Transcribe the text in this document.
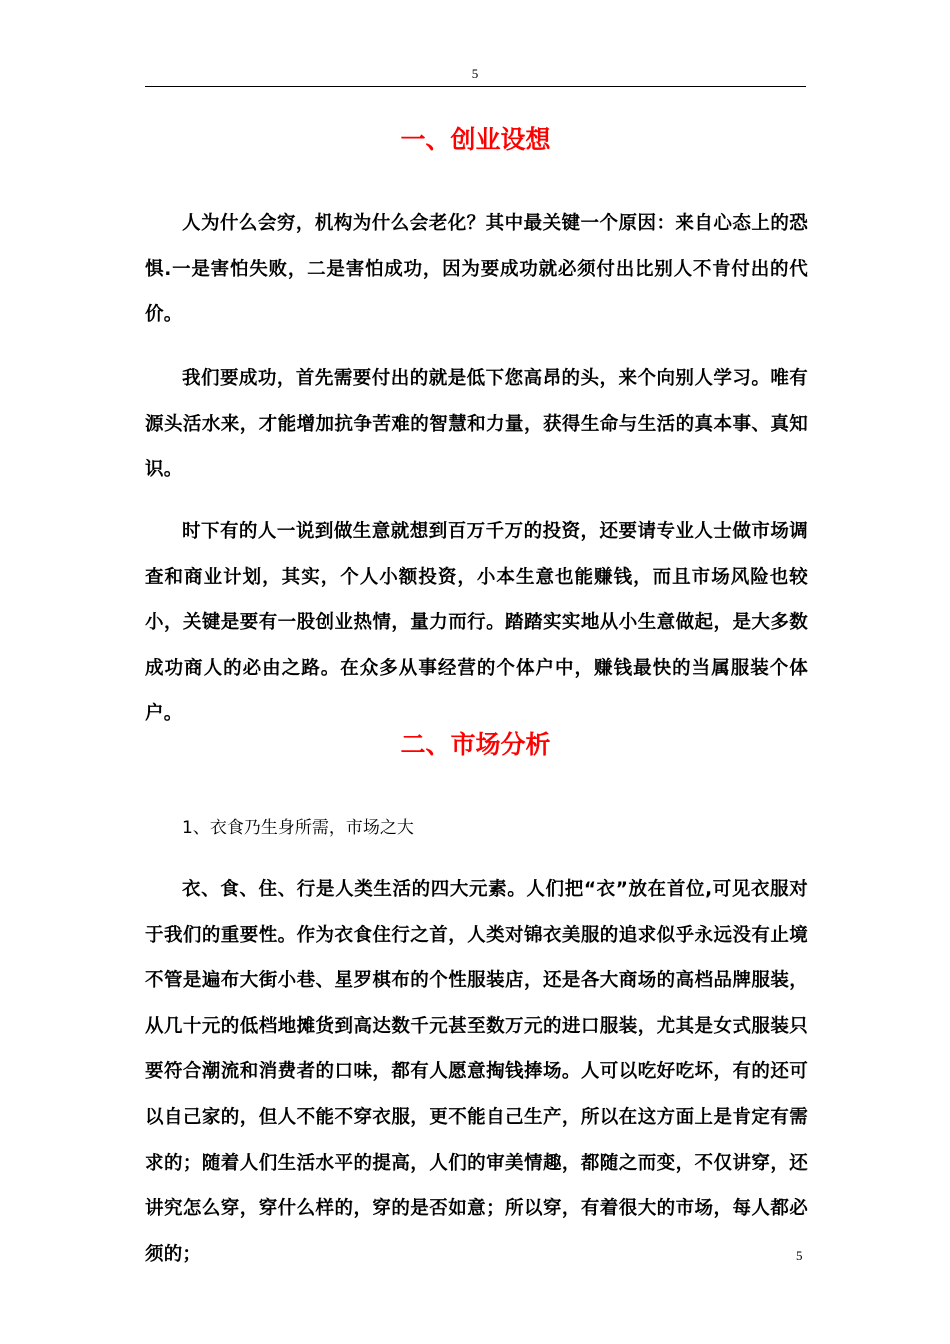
5
一、创业设想

人为什么会穷，机构为什么会老化？其中最关键一个原因：来自心态上的恐惧.一是害怕失败，二是害怕成功，因为要成功就必须付出比别人不肯付出的代价。

我们要成功，首先需要付出的就是低下您高昂的头，来个向别人学习。唯有源头活水来，才能增加抗争苦难的智慧和力量，获得生命与生活的真本事、真知识。

时下有的人一说到做生意就想到百万千万的投资，还要请专业人士做市场调查和商业计划，其实，个人小额投资，小本生意也能赚钱，而且市场风险也较小，关键是要有一股创业热情，量力而行。踏踏实实地从小生意做起，是大多数成功商人的必由之路。在众多从事经营的个体户中，赚钱最快的当属服装个体户。

二、市场分析
1、衣食乃生身所需，市场之大

衣、食、住、行是人类生活的四大元素。人们把“衣”放在首位,可见衣服对于我们的重要性。作为衣食住行之首，人类对锦衣美服的追求似乎永远没有止境不管是遍布大街小巷、星罗棋布的个性服装店，还是各大商场的高档品牌服装，从几十元的低档地摊货到高达数千元甚至数万元的进口服装，尤其是女式服装只要符合潮流和消费者的口味，都有人愿意掏钱捧场。人可以吃好吃坏，有的还可以自己家的，但人不能不穿衣服，更不能自己生产，所以在这方面上是肯定有需求的；随着人们生活水平的提高，人们的审美情趣，都随之而变，不仅讲穿，还讲究怎么穿，穿什么样的，穿的是否如意；所以穿，有着很大的市场，每人都必须的；	5
